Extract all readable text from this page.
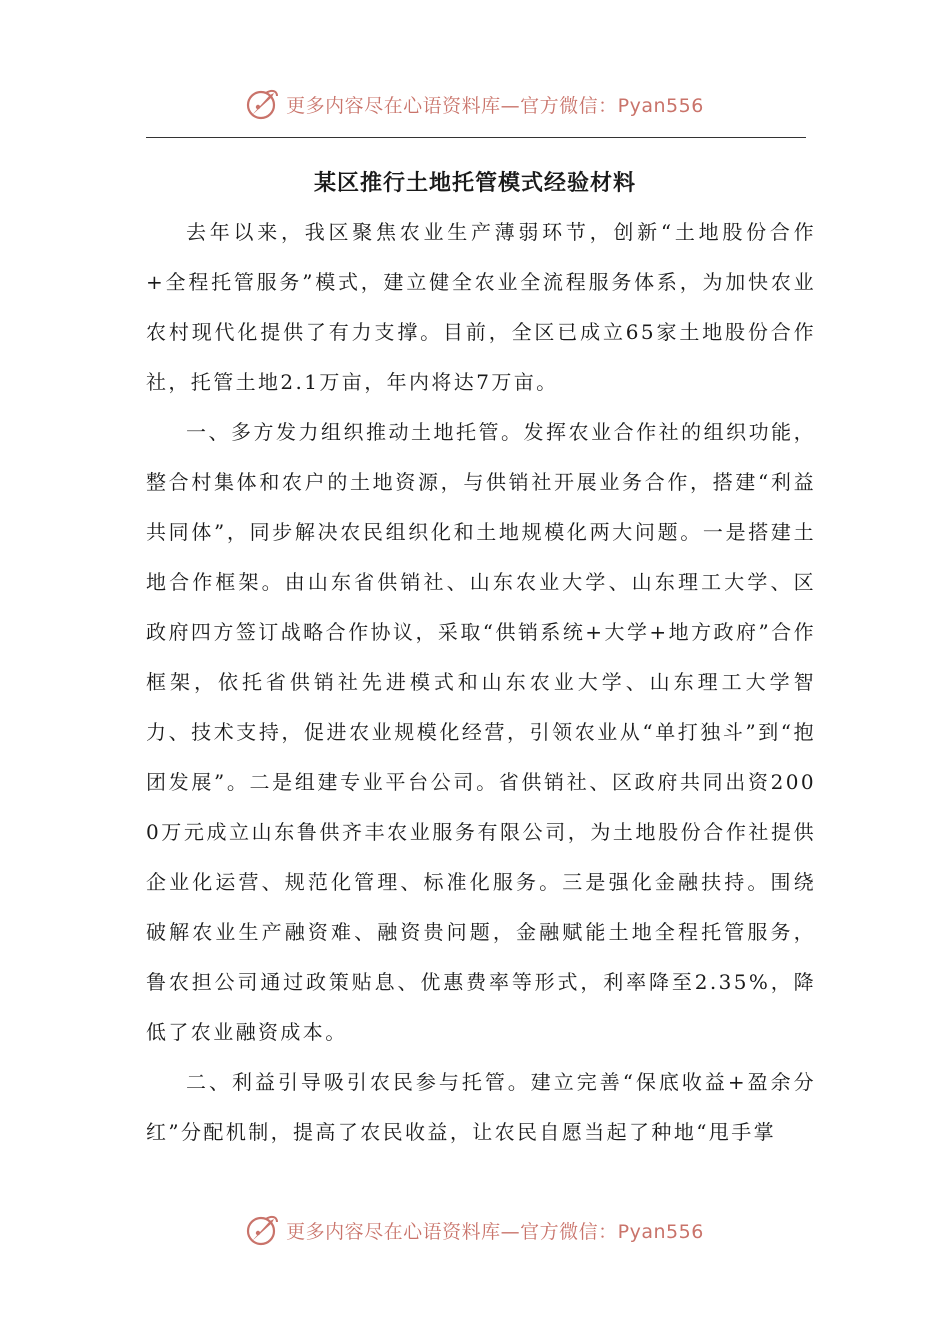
更多内容尽在心语资料库—官方微信：Pyan556
某区推行土地托管模式经验材料

去年以来，我区聚焦农业生产薄弱环节，创新“土地股份合作+全程托管服务”模式，建立健全农业全流程服务体系，为加快农业农村现代化提供了有力支撑。目前，全区已成立65家土地股份合作社，托管土地2.1万亩，年内将达7万亩。

一、多方发力组织推动土地托管。发挥农业合作社的组织功能，整合村集体和农户的土地资源，与供销社开展业务合作，搭建“利益共同体”，同步解决农民组织化和土地规模化两大问题。一是搭建土地合作框架。由山东省供销社、山东农业大学、山东理工大学、区政府四方签订战略合作协议，采取“供销系统+大学+地方政府”合作框架，依托省供销社先进模式和山东农业大学、山东理工大学智力、技术支持，促进农业规模化经营，引领农业从“单打独斗”到“抱团发展”。二是组建专业平台公司。省供销社、区政府共同出资2000万元成立山东鲁供齐丰农业服务有限公司，为土地股份合作社提供企业化运营、规范化管理、标准化服务。三是强化金融扶持。围绕破解农业生产融资难、融资贵问题，金融赋能土地全程托管服务，鲁农担公司通过政策贴息、优惠费率等形式，利率降至2.35%，降低了农业融资成本。

二、利益引导吸引农民参与托管。建立完善“保底收益+盈余分红”分配机制，提高了农民收益，让农民自愿当起了种地“甩手掌

更多内容尽在心语资料库—官方微信：Pyan556
